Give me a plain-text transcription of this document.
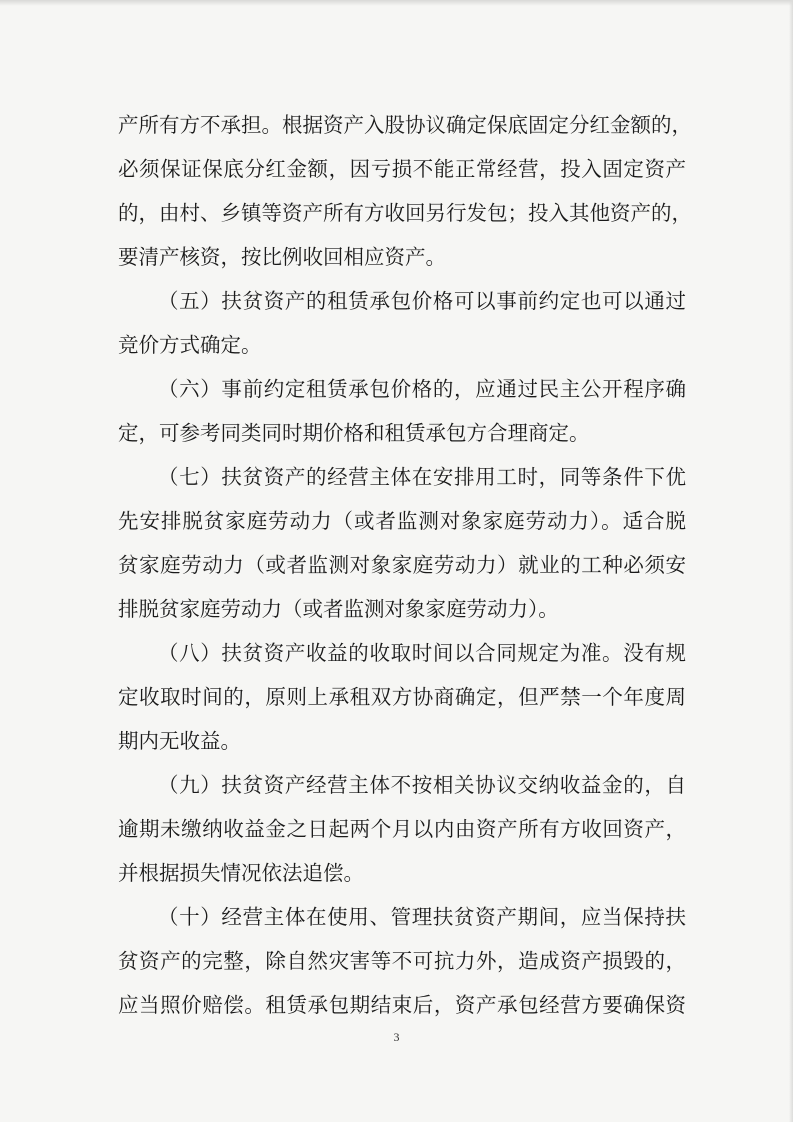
产所有方不承担。根据资产入股协议确定保底固定分红金额的，
必须保证保底分红金额，因亏损不能正常经营，投入固定资产
的，由村、乡镇等资产所有方收回另行发包；投入其他资产的，
要清产核资，按比例收回相应资产。
（五）扶贫资产的租赁承包价格可以事前约定也可以通过
竞价方式确定。
（六）事前约定租赁承包价格的，应通过民主公开程序确
定，可参考同类同时期价格和租赁承包方合理商定。
（七）扶贫资产的经营主体在安排用工时，同等条件下优
先安排脱贫家庭劳动力（或者监测对象家庭劳动力）。适合脱
贫家庭劳动力（或者监测对象家庭劳动力）就业的工种必须安
排脱贫家庭劳动力（或者监测对象家庭劳动力）。
（八）扶贫资产收益的收取时间以合同规定为准。没有规
定收取时间的，原则上承租双方协商确定，但严禁一个年度周
期内无收益。
（九）扶贫资产经营主体不按相关协议交纳收益金的，自
逾期未缴纳收益金之日起两个月以内由资产所有方收回资产，
并根据损失情况依法追偿。
（十）经营主体在使用、管理扶贫资产期间，应当保持扶
贫资产的完整，除自然灾害等不可抗力外，造成资产损毁的，
应当照价赔偿。租赁承包期结束后，资产承包经营方要确保资
3
